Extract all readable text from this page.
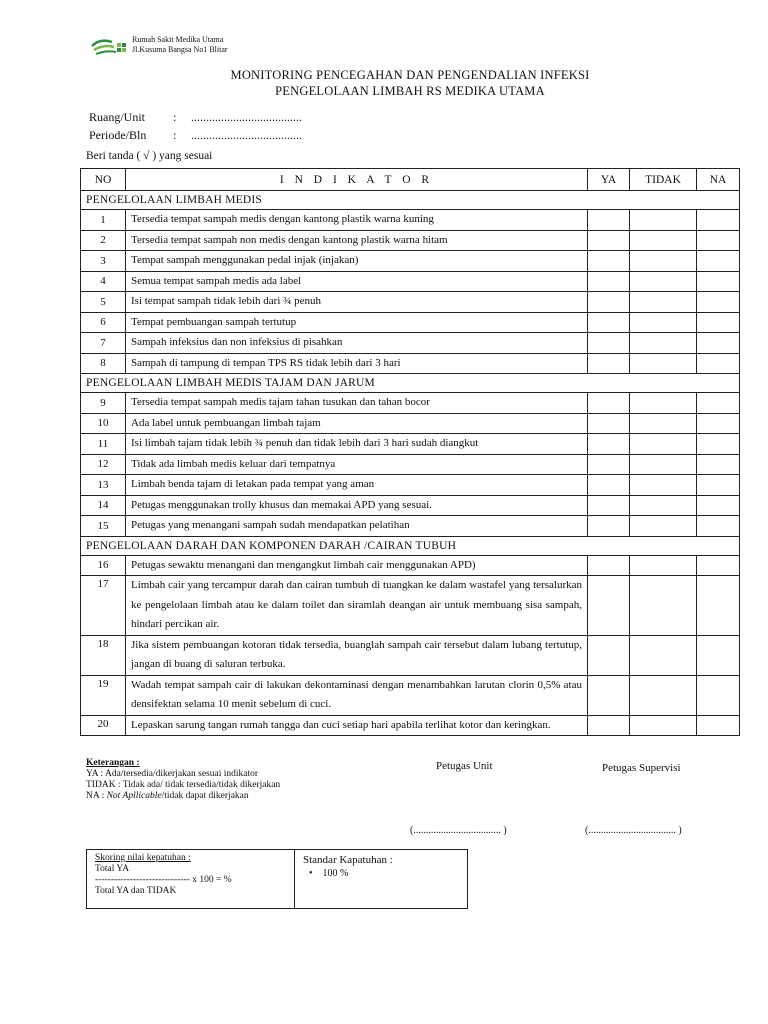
Rumah Sakit Medika Utama
Jl.Kusuma Bangsa No1 Blitar
MONITORING PENCEGAHAN DAN PENGENDALIAN INFEKSI
PENGELOLAAN LIMBAH RS MEDIKA UTAMA
Ruang/Unit : .....................................
Periode/Bln : .....................................
Beri tanda ( √ ) yang sesuai
NO	I N D I K A T O R	YA	TIDAK	NA
PENGELOLAAN LIMBAH MEDIS				
1	Tersedia tempat sampah medis dengan kantong plastik warna kuning			
2	Tersedia tempat sampah non medis dengan kantong plastik warna hitam			
3	Tempat sampah menggunakan pedal injak (injakan)			
4	Semua tempat sampah medis ada label			
5	Isi tempat sampah tidak lebih dari ¾ penuh			
6	Tempat pembuangan sampah tertutup			
7	Sampah infeksius dan non infeksius di pisahkan			
8	Sampah di tampung di tempan TPS RS tidak lebih dari 3 hari			
PENGELOLAAN LIMBAH MEDIS TAJAM DAN JARUM				
9	Tersedia tempat sampah medis tajam tahan tusukan dan tahan bocor			
10	Ada label untuk pembuangan limbah tajam			
11	Isi limbah tajam tidak lebih ¾ penuh dan tidak lebih dari 3 hari sudah diangkut			
12	Tidak ada limbah medis keluar dari tempatnya			
13	Limbah benda tajam di letakan pada tempat yang aman			
14	Petugas menggunakan trolly khusus dan memakai APD yang sesuai.			
15	Petugas yang menangani sampah sudah mendapatkan pelatihan			
PENGELOLAAN DARAH DAN KOMPONEN DARAH /CAIRAN TUBUH				
16	Petugas sewaktu menangani dan mengangkut limbah cair menggunakan APD)			
17	Limbah cair yang tercampur darah dan cairan tumbuh di tuangkan ke dalam wastafel yang tersalurkan ke pengelolaan limbah atau ke dalam toilet dan siramlah deangan air untuk membuang sisa sampah, hindari percikan air.			
18	Jika sistem pembuangan kotoran tidak tersedia, buanglah sampah cair tersebut dalam lubang tertutup, jangan di buang di saluran terbuka.			
19	Wadah tempat sampah cair di lakukan dekontaminasi dengan menambahkan larutan clorin 0,5% atau densifektan selama 10 menit sebelum di cuci.			
20	Lepaskan sarung tangan rumah tangga dan cuci setiap hari apabila terlihat kotor dan keringkan.			
Keterangan :
YA : Ada/tersedia/dikerjakan sesuai indikator
TIDAK : Tidak ada/ tidak tersedia/tidak dikerjakan
NA : Not Apllicable/tidak dapat dikerjakan
Petugas Unit	Petugas Supervisi
(................................... )	(................................... )
Skoring nilai kepatuhan :
Total YA
------------------------------ x 100 = %
Total YA dan TIDAK
Standar Kapatuhan :
•    100 %
